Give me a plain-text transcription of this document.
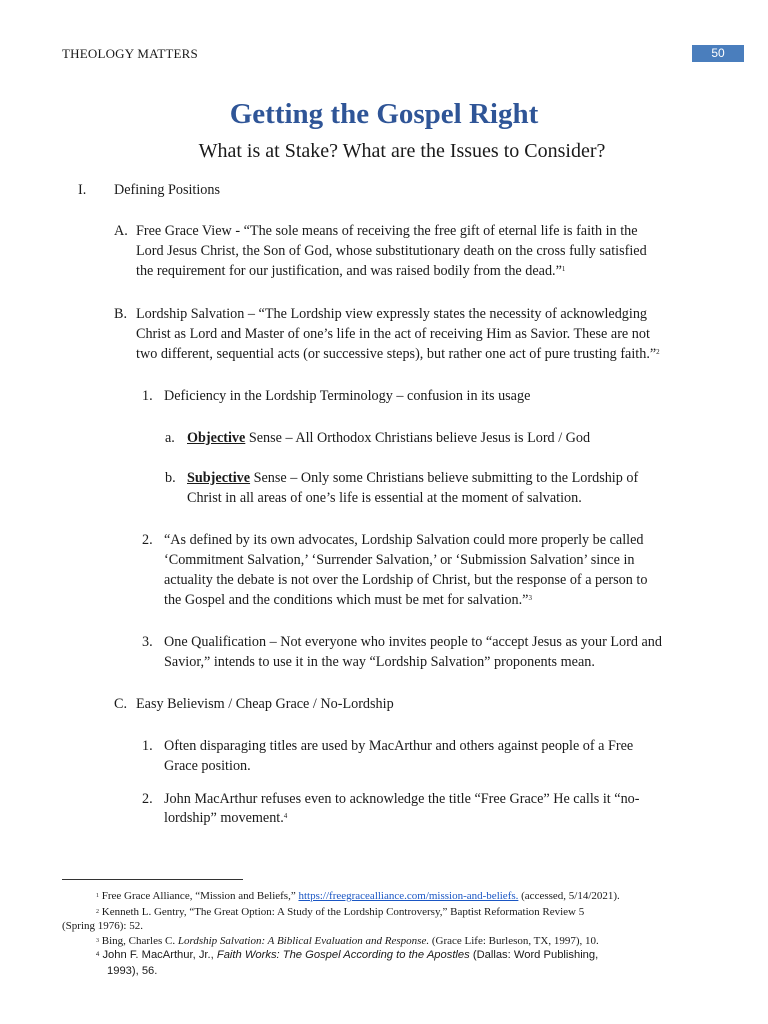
THEOLOGY MATTERS	50
Getting the Gospel Right
What is at Stake? What are the Issues to Consider?
I. Defining Positions
A. Free Grace View - “The sole means of receiving the free gift of eternal life is faith in the
Lord Jesus Christ, the Son of God, whose substitutionary death on the cross fully satisfied
the requirement for our justification, and was raised bodily from the dead.”$^1$
B. Lordship Salvation – “The Lordship view expressly states the necessity of acknowledging
Christ as Lord and Master of one’s life in the act of receiving Him as Savior. These are not
two different, sequential acts (or successive steps), but rather one act of pure trusting faith.”$^2$
1. Deficiency in the Lordship Terminology – confusion in its usage
a. Objective Sense – All Orthodox Christians believe Jesus is Lord / God
b. Subjective Sense – Only some Christians believe submitting to the Lordship of
Christ in all areas of one’s life is essential at the moment of salvation.
2. “As defined by its own advocates, Lordship Salvation could more properly be called
‘Commitment Salvation,’ ‘Surrender Salvation,’ or ‘Submission Salvation’ since in
actuality the debate is not over the Lordship of Christ, but the response of a person to
the Gospel and the conditions which must be met for salvation.”$^3$
3. One Qualification – Not everyone who invites people to “accept Jesus as your Lord and
Savior,” intends to use it in the way “Lordship Salvation” proponents mean.
C. Easy Believism / Cheap Grace / No-Lordship
1. Often disparaging titles are used by MacArthur and others against people of a Free
Grace position.
2. John MacArthur refuses even to acknowledge the title “Free Grace” He calls it “no-
lordship” movement.$^4$
$^1$ Free Grace Alliance, “Mission and Beliefs,” https://freegracealliance.com/mission-and-beliefs. (accessed, 5/14/2021).
$^2$ Kenneth L. Gentry, “The Great Option: A Study of the Lordship Controversy,” Baptist Reformation Review 5
(Spring 1976): 52.
$^3$ Bing, Charles C. Lordship Salvation: A Biblical Evaluation and Response. (Grace Life: Burleson, TX, 1997), 10.
$^4$ John F. MacArthur, Jr., Faith Works: The Gospel According to the Apostles (Dallas: Word Publishing,
1993), 56.
